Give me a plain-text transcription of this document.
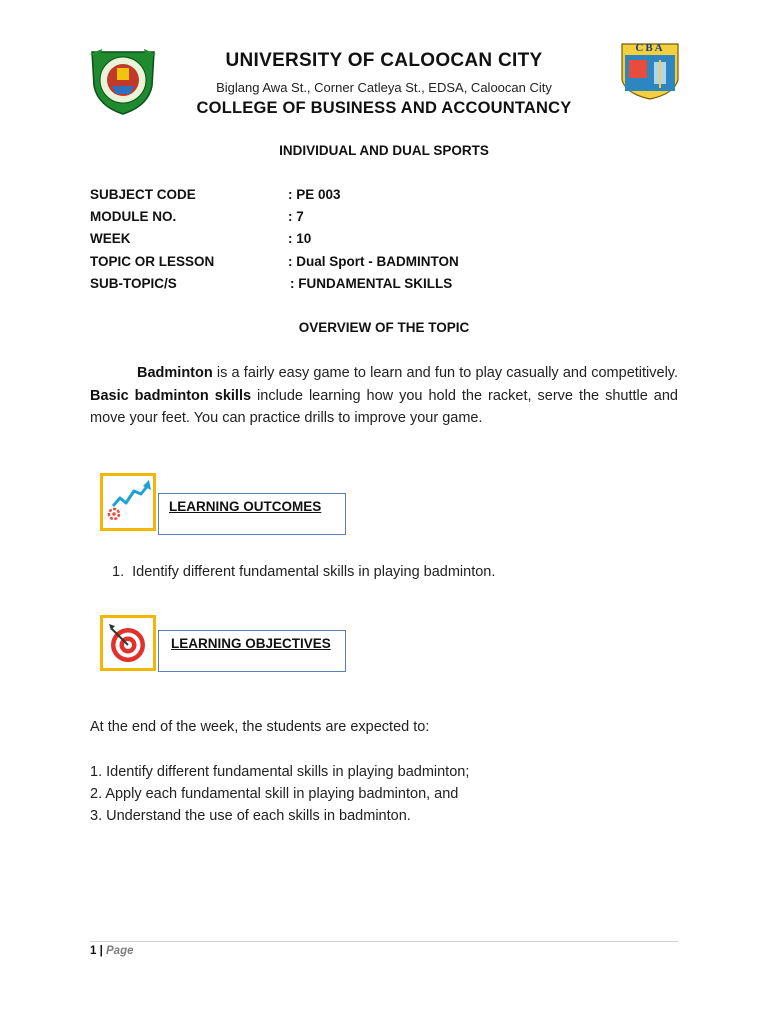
CBA
UNIVERSITY OF CALOOCAN CITY
Biglang Awa St., Corner Catleya St., EDSA, Caloocan City
COLLEGE OF BUSINESS AND ACCOUNTANCY
INDIVIDUAL AND DUAL SPORTS
SUBJECT CODE	: PE 003
MODULE NO.	: 7
WEEK	: 10
TOPIC OR LESSON	: Dual Sport - BADMINTON
SUB-TOPIC/S	: FUNDAMENTAL SKILLS
OVERVIEW OF THE TOPIC
Badminton is a fairly easy game to learn and fun to play casually and competitively. Basic badminton skills include learning how you hold the racket, serve the shuttle and move your feet. You can practice drills to improve your game.
LEARNING OUTCOMES
1.  Identify different fundamental skills in playing badminton.
LEARNING OBJECTIVES
At the end of the week, the students are expected to:
1. Identify different fundamental skills in playing badminton;
2. Apply each fundamental skill in playing badminton, and
3. Understand the use of each skills in badminton.
1 | Page
